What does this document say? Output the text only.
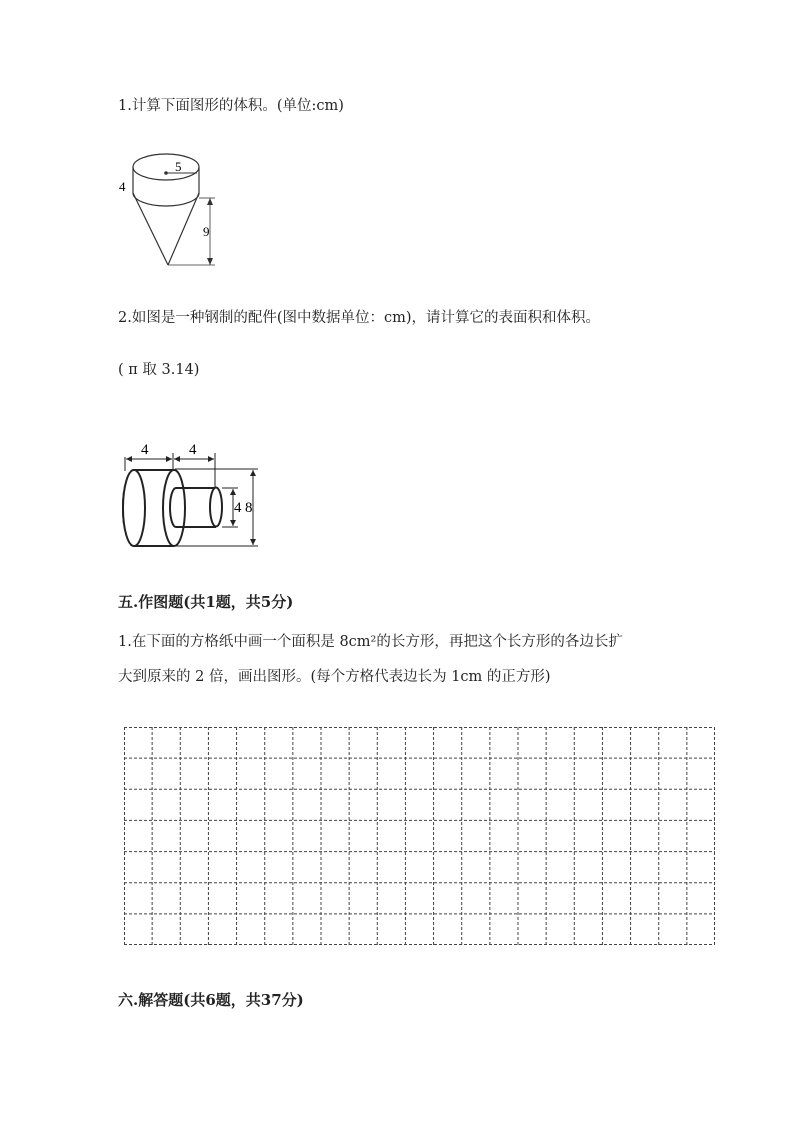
1.计算下面图形的体积。(单位:cm)
5
4
9
2.如图是一种钢制的配件(图中数据单位：cm)，请计算它的表面积和体积。
( π 取 3.14)
4	4
4 8
五.作图题(共1题，共5分)
1.在下面的方格纸中画一个面积是 8cm²的长方形，再把这个长方形的各边长扩
大到原来的 2 倍，画出图形。(每个方格代表边长为 1cm 的正方形)
六.解答题(共6题，共37分)
